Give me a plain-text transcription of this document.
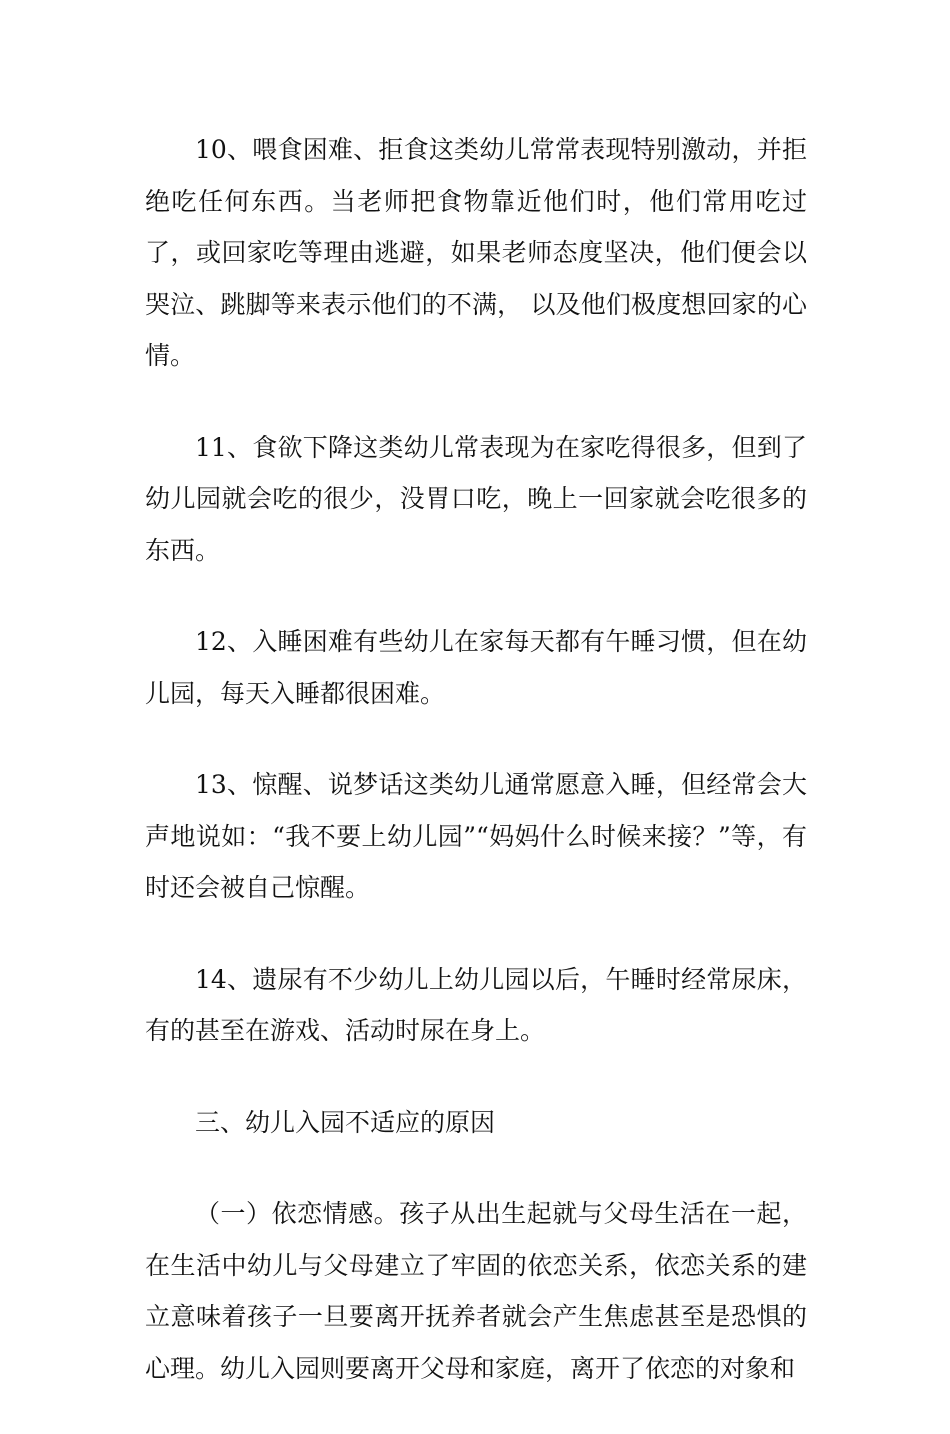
10、喂食困难、拒食这类幼儿常常表现特别激动，并拒绝吃任何东西。当老师把食物靠近他们时，他们常用吃过了，或回家吃等理由逃避，如果老师态度坚决，他们便会以哭泣、跳脚等来表示他们的不满， 以及他们极度想回家的心情。

11、食欲下降这类幼儿常表现为在家吃得很多，但到了幼儿园就会吃的很少，没胃口吃，晚上一回家就会吃很多的东西。

12、入睡困难有些幼儿在家每天都有午睡习惯，但在幼儿园，每天入睡都很困难。

13、惊醒、说梦话这类幼儿通常愿意入睡，但经常会大声地说如：“我不要上幼儿园”“妈妈什么时候来接？”等，有时还会被自己惊醒。

14、遗尿有不少幼儿上幼儿园以后，午睡时经常尿床，有的甚至在游戏、活动时尿在身上。

三、幼儿入园不适应的原因

（一）依恋情感。孩子从出生起就与父母生活在一起，在生活中幼儿与父母建立了牢固的依恋关系，依恋关系的建立意味着孩子一旦要离开抚养者就会产生焦虑甚至是恐惧的心理。幼儿入园则要离开父母和家庭，离开了依恋的对象和
